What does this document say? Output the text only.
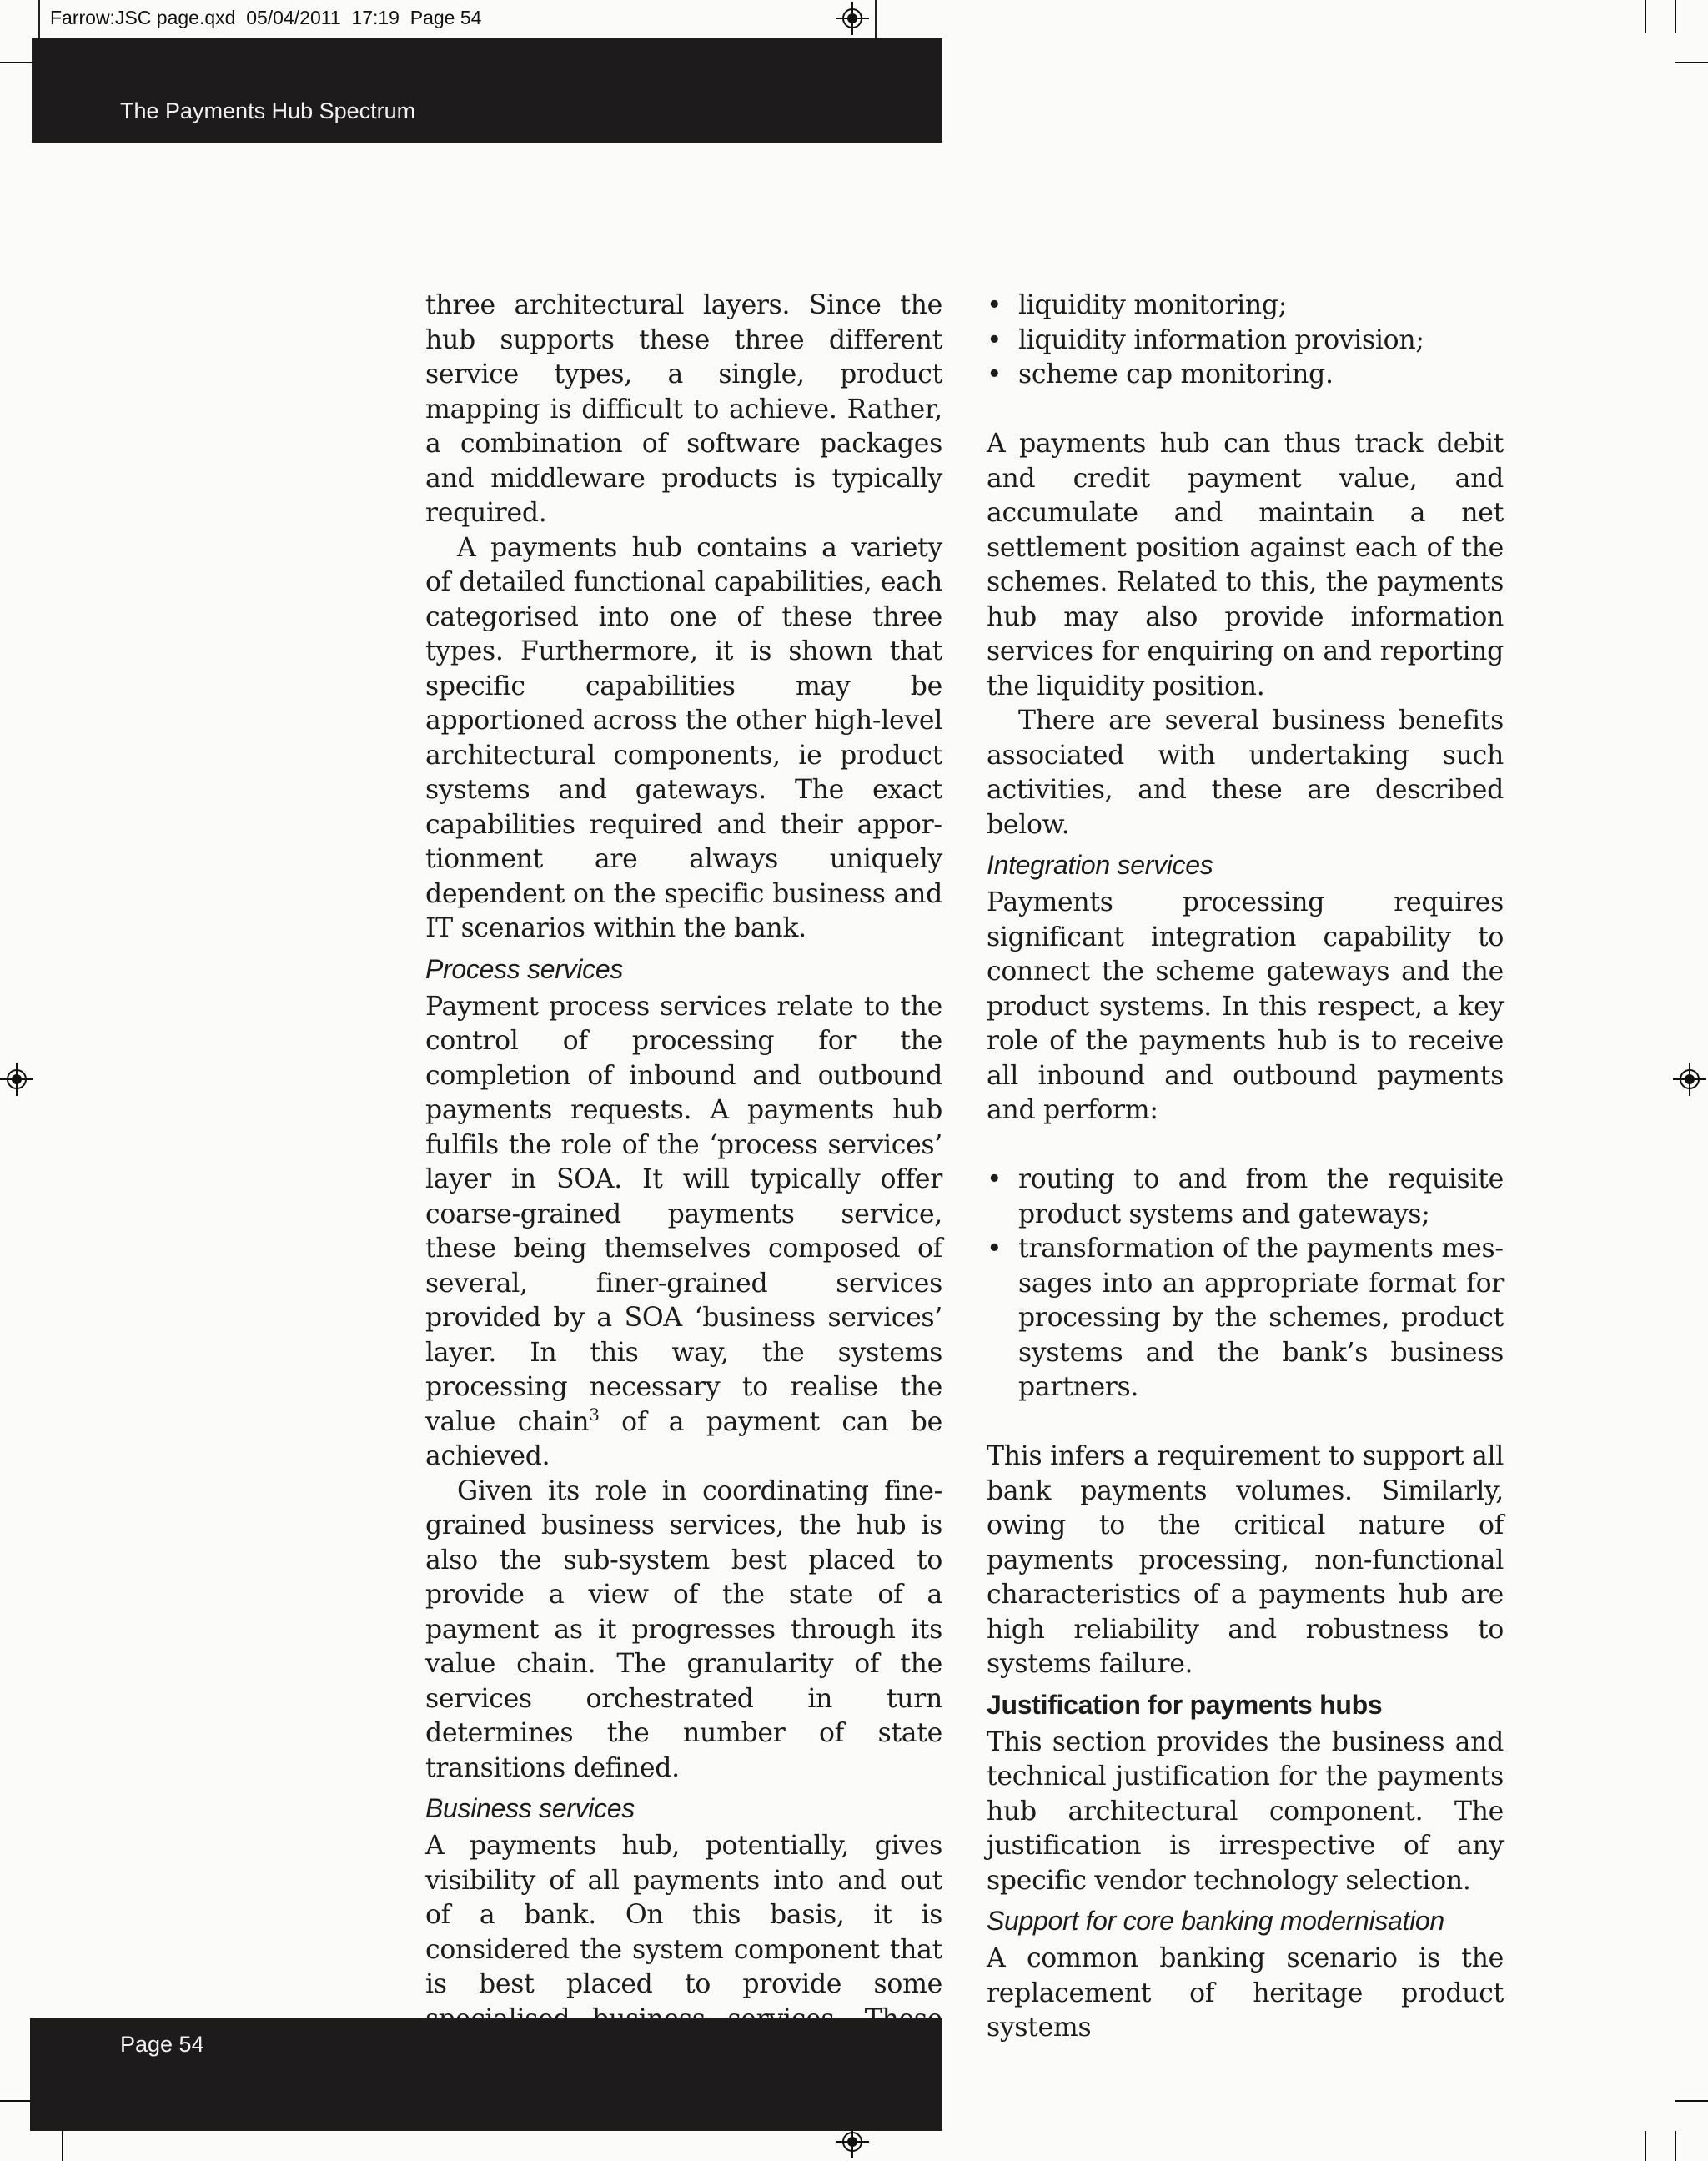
Farrow:JSC page.qxd  05/04/2011  17:19  Page 54
The Payments Hub Spectrum

three architectural layers. Since the hub supports these three different service types, a single, product mapping is difficult to achieve. Rather, a combination of software packages and middleware products is typically required.

A payments hub contains a variety of detailed functional capabilities, each categorised into one of these three types. Furthermore, it is shown that specific capabilities may be apportioned across the other high-level architectural components, ie product systems and gateways. The exact capabilities required and their apportionment are always uniquely dependent on the specific business and IT scenarios within the bank.

Process services

Payment process services relate to the control of processing for the completion of inbound and outbound payments requests. A payments hub fulfils the role of the ‘process services’ layer in SOA. It will typically offer coarse-grained payments service, these being themselves composed of several, finer-grained services provided by a SOA ‘business services’ layer. In this way, the systems processing necessary to realise the value chain$^3$ of a payment can be achieved.

Given its role in coordinating fine-grained business services, the hub is also the sub-system best placed to provide a view of the state of a payment as it progresses through its value chain. The granularity of the services orchestrated in turn determines the number of state transitions defined.

Business services

A payments hub, potentially, gives visibility of all payments into and out of a bank. On this basis, it is considered the system component that is best placed to provide some

• liquidity monitoring;
• liquidity information provision;
• scheme cap monitoring.

A payments hub can thus track debit and credit payment value, and accumulate and maintain a net settlement position against each of the schemes. Related to this, the payments hub may also provide information services for enquiring on and reporting the liquidity position.

There are several business benefits associated with undertaking such activities, and these are described below.

Integration services

Payments processing requires significant integration capability to connect the scheme gateways and the product systems. In this respect, a key role of the payments hub is to receive all inbound and outbound payments and perform:

• routing to and from the requisite product systems and gateways;
• transformation of the payments messages into an appropriate format for processing by the schemes, product systems and the bank’s business partners.

This infers a requirement to support all bank payments volumes. Similarly, owing to the critical nature of payments processing, non-functional characteristics of a payments hub are high reliability and robustness to systems failure.

Justification for payments hubs

This section provides the business and technical justification for the payments hub architectural component. The justification is irrespective of any specific vendor technology selection.

Support for core banking modernisation

A common banking scenario is the replacement of heritage product systems

Page 54
